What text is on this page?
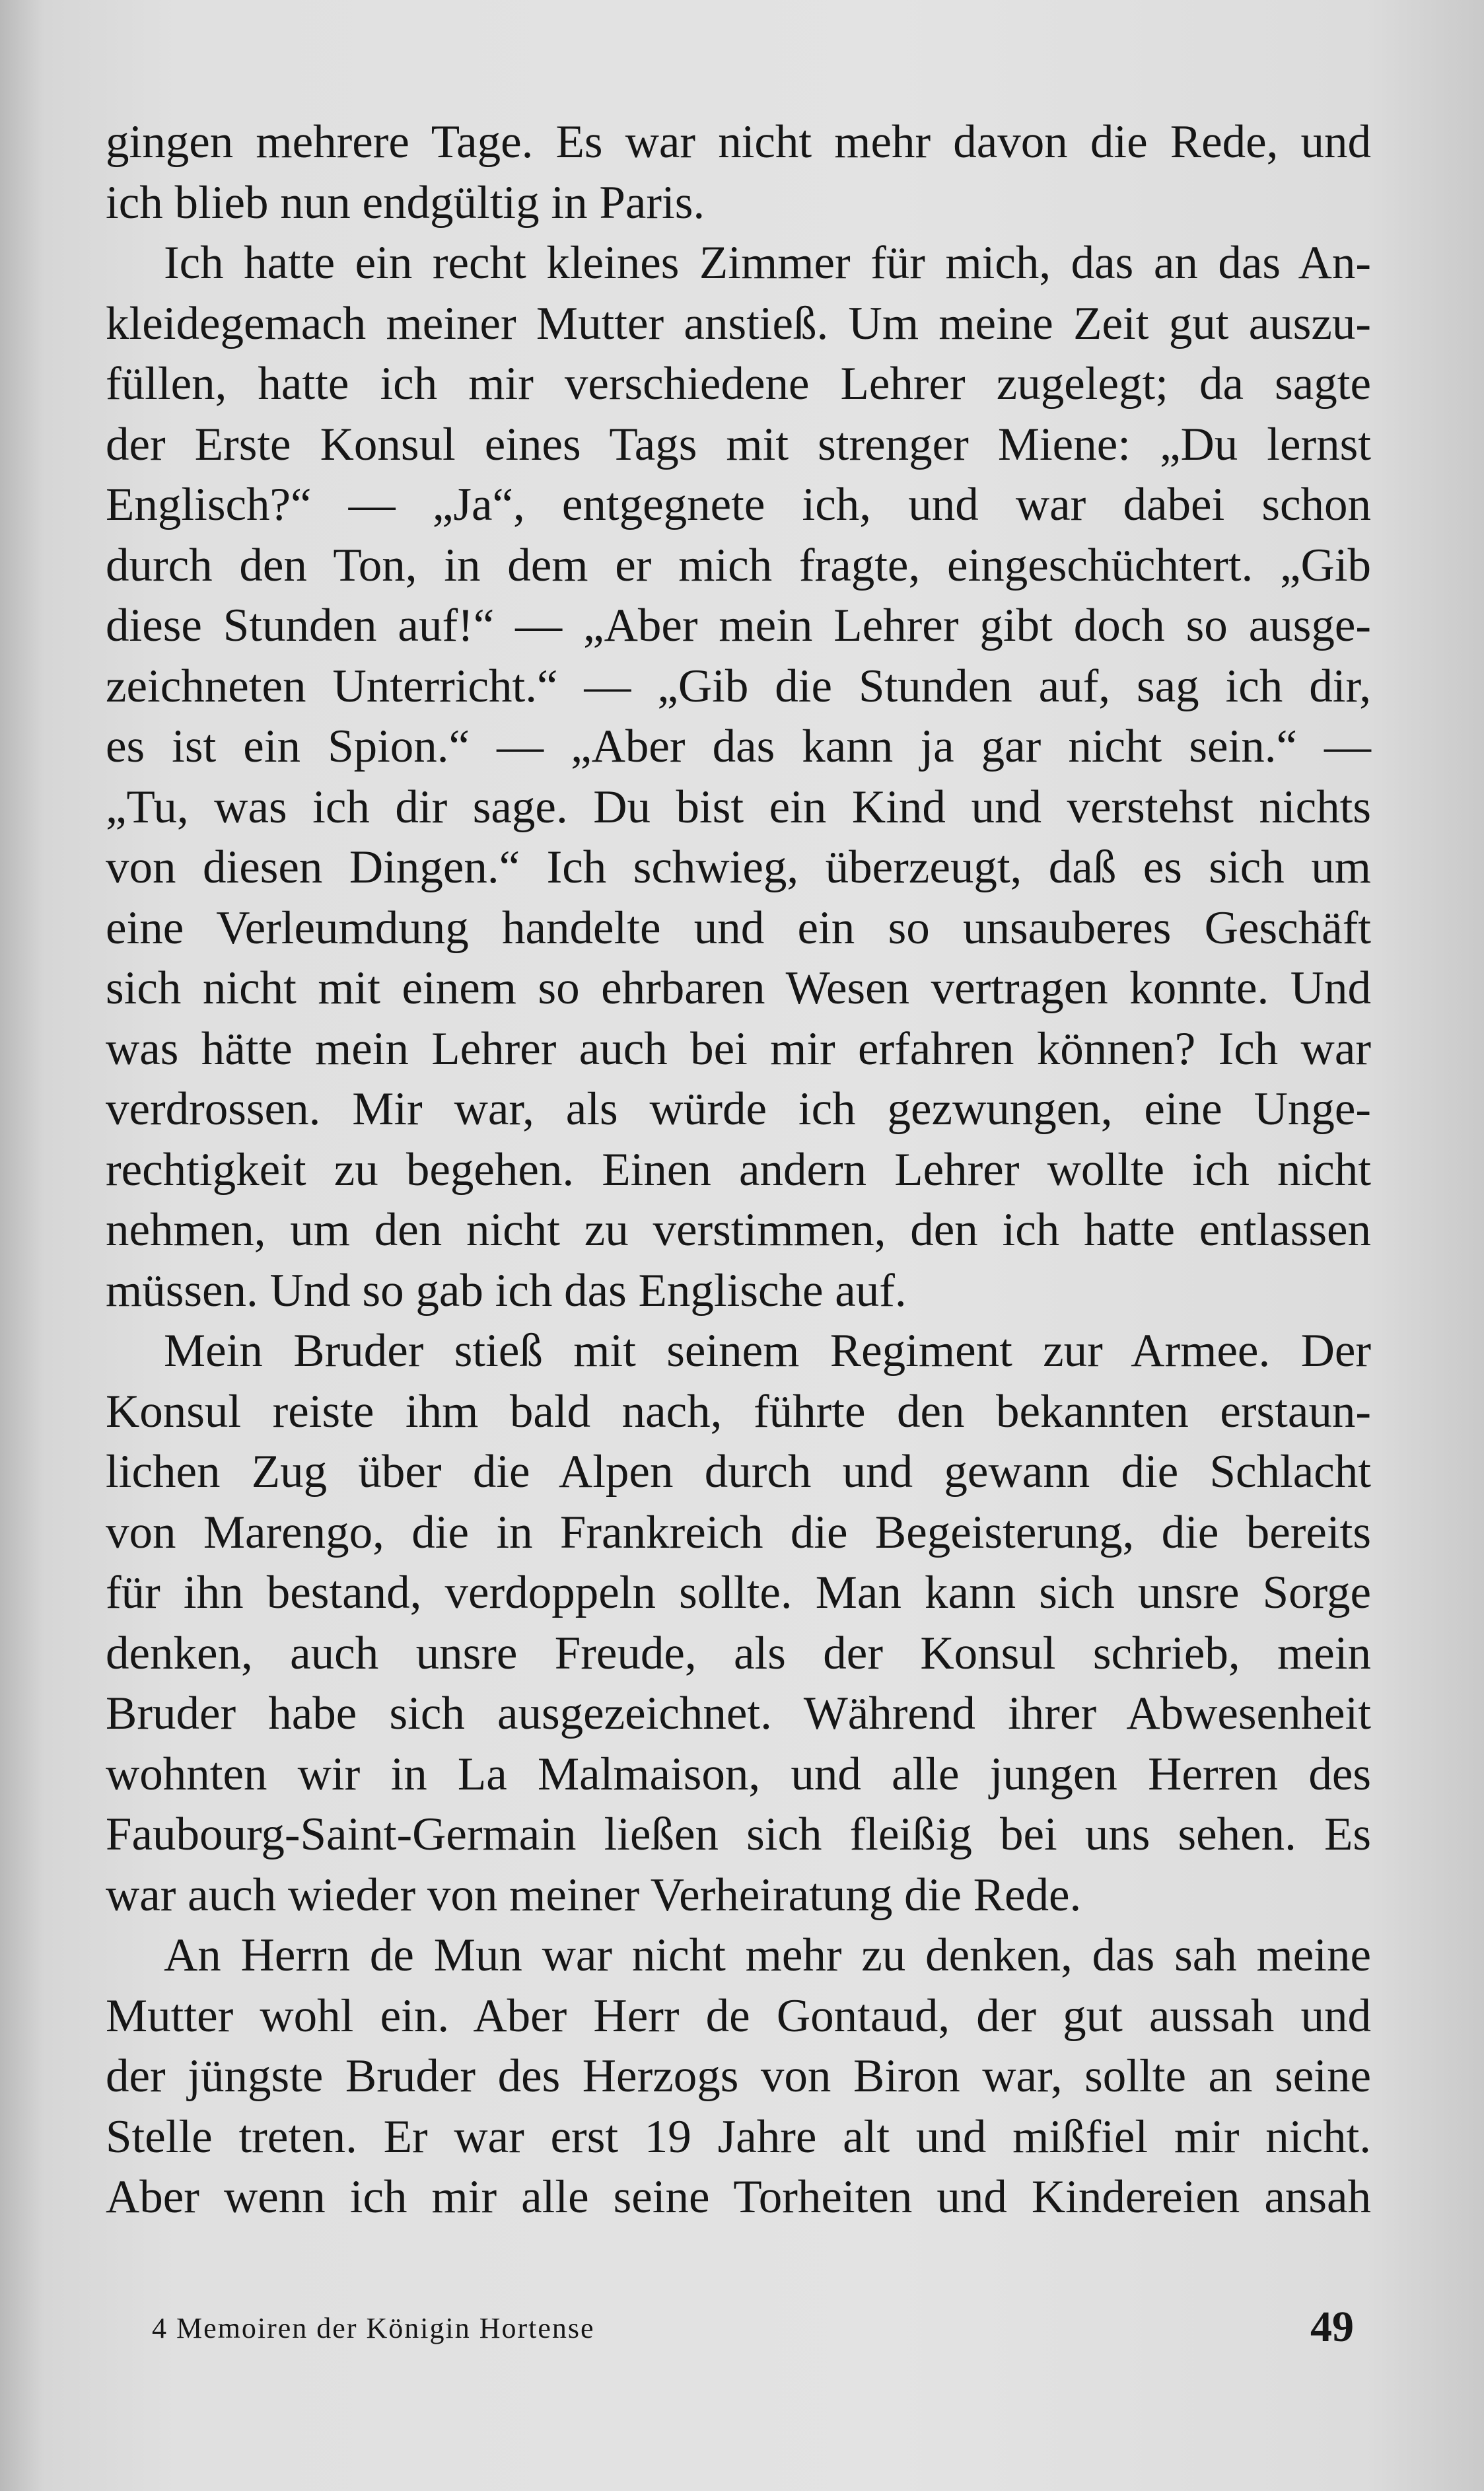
gingen mehrere Tage. Es war nicht mehr davon die Rede, und
ich blieb nun endgültig in Paris.
Ich hatte ein recht kleines Zimmer für mich, das an das An-
kleidegemach meiner Mutter anstieß. Um meine Zeit gut auszu-
füllen, hatte ich mir verschiedene Lehrer zugelegt; da sagte
der Erste Konsul eines Tags mit strenger Miene: „Du lernst
Englisch?“ — „Ja“, entgegnete ich, und war dabei schon
durch den Ton, in dem er mich fragte, eingeschüchtert. „Gib
diese Stunden auf!“ — „Aber mein Lehrer gibt doch so ausge-
zeichneten Unterricht.“ — „Gib die Stunden auf, sag ich dir,
es ist ein Spion.“ — „Aber das kann ja gar nicht sein.“ —
„Tu, was ich dir sage. Du bist ein Kind und verstehst nichts
von diesen Dingen.“ Ich schwieg, überzeugt, daß es sich um
eine Verleumdung handelte und ein so unsauberes Geschäft
sich nicht mit einem so ehrbaren Wesen vertragen konnte. Und
was hätte mein Lehrer auch bei mir erfahren können? Ich war
verdrossen. Mir war, als würde ich gezwungen, eine Unge-
rechtigkeit zu begehen. Einen andern Lehrer wollte ich nicht
nehmen, um den nicht zu verstimmen, den ich hatte entlassen
müssen. Und so gab ich das Englische auf.
Mein Bruder stieß mit seinem Regiment zur Armee. Der
Konsul reiste ihm bald nach, führte den bekannten erstaun-
lichen Zug über die Alpen durch und gewann die Schlacht
von Marengo, die in Frankreich die Begeisterung, die bereits
für ihn bestand, verdoppeln sollte. Man kann sich unsre Sorge
denken, auch unsre Freude, als der Konsul schrieb, mein
Bruder habe sich ausgezeichnet. Während ihrer Abwesenheit
wohnten wir in La Malmaison, und alle jungen Herren des
Faubourg-Saint-Germain ließen sich fleißig bei uns sehen. Es
war auch wieder von meiner Verheiratung die Rede.
An Herrn de Mun war nicht mehr zu denken, das sah meine
Mutter wohl ein. Aber Herr de Gontaud, der gut aussah und
der jüngste Bruder des Herzogs von Biron war, sollte an seine
Stelle treten. Er war erst 19 Jahre alt und mißfiel mir nicht.
Aber wenn ich mir alle seine Torheiten und Kindereien ansah
4 Memoiren der Königin Hortense	49
